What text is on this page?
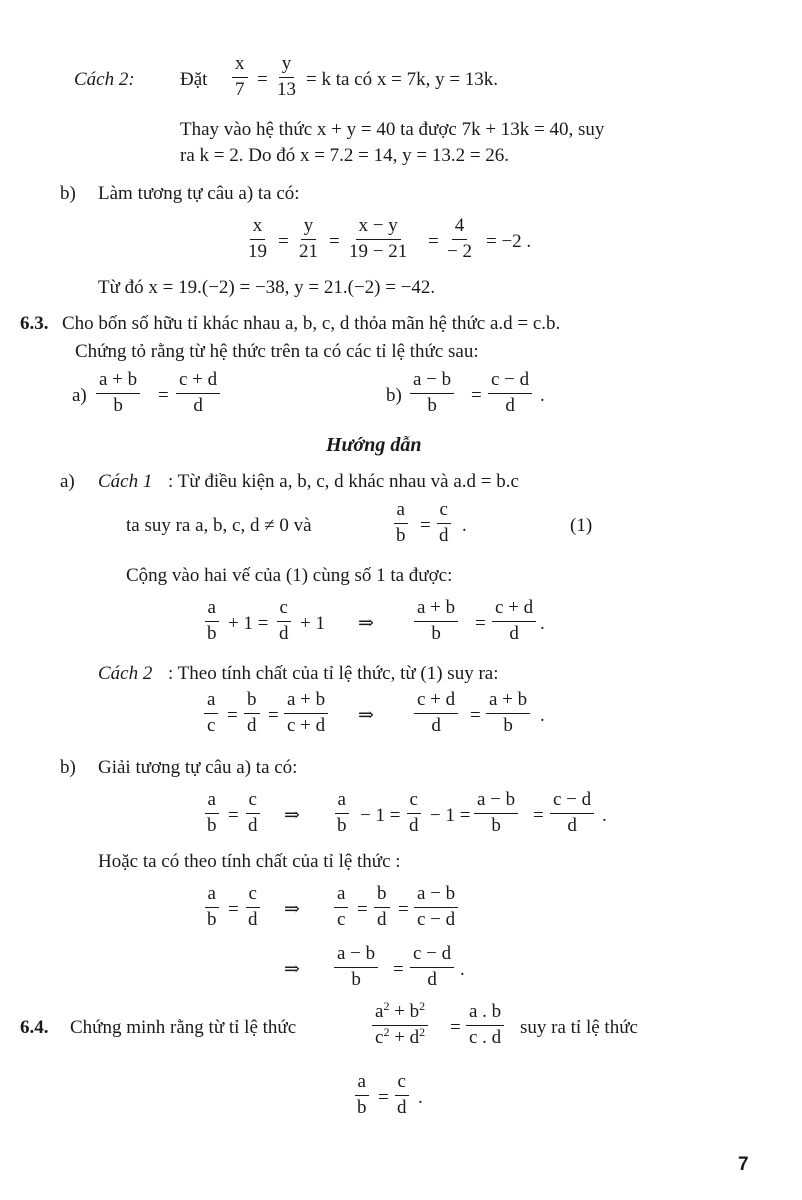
Cách 2: Đặt $\frac{x}{7} = \frac{y}{13} = k$ ta có x = 7k, y = 13k.
Thay vào hệ thức x + y = 40 ta được 7k + 13k = 40, suy
ra k = 2. Do đó x = 7.2 = 14, y = 13.2 = 26.
b) Làm tương tự câu a) ta có:
$\frac{x}{19} = \frac{y}{21} = \frac{x - y}{19 - 21} = \frac{4}{- 2} = -2$ .
Từ đó x = 19.(−2) = −38, y = 21.(−2) = −42.
6.3. Cho bốn số hữu tỉ khác nhau a, b, c, d thỏa mãn hệ thức a.d = c.b.
Chứng tỏ rằng từ hệ thức trên ta có các tỉ lệ thức sau:
$a) \frac{a + b}{b} = \frac{c + d}{d}$	$b) \frac{a - b}{b} = \frac{c - d}{d}$ .
Hướng dẫn
a) Cách 1 : Từ điều kiện a, b, c, d khác nhau và a.d = b.c
ta suy ra a, b, c, d ≠ 0 và	$\frac{a}{b} = \frac{c}{d}$ .	(1)
Cộng vào hai vế của (1) cùng số 1 ta được:
$\frac{a}{b} + 1 = \frac{c}{d} + 1$ ⇒ $\frac{a + b}{b} = \frac{c + d}{d}$ .
Cách 2 : Theo tính chất của tỉ lệ thức, từ (1) suy ra:
$\frac{a}{c} = \frac{b}{d} = \frac{a + b}{c + d}$ ⇒ $\frac{c + d}{d} = \frac{a + b}{b}$ .
b) Giải tương tự câu a) ta có:
$\frac{a}{b} = \frac{c}{d}$ ⇒ $\frac{a}{b} - 1 = \frac{c}{d} - 1 = \frac{a - b}{b} = \frac{c - d}{d}$ .
Hoặc ta có theo tính chất của tỉ lệ thức :
$\frac{a}{b} = \frac{c}{d}$ ⇒ $\frac{a}{c} = \frac{b}{d} = \frac{a - b}{c - d}$
⇒ $\frac{a - b}{b} = \frac{c - d}{d}$ .
6.4. Chứng minh rằng từ tỉ lệ thức	$\frac{a^2 + b^2}{c^2 + d^2} = \frac{a . b}{c . d}$ suy ra tỉ lệ thức
$\frac{a}{b} = \frac{c}{d}$ .
7
